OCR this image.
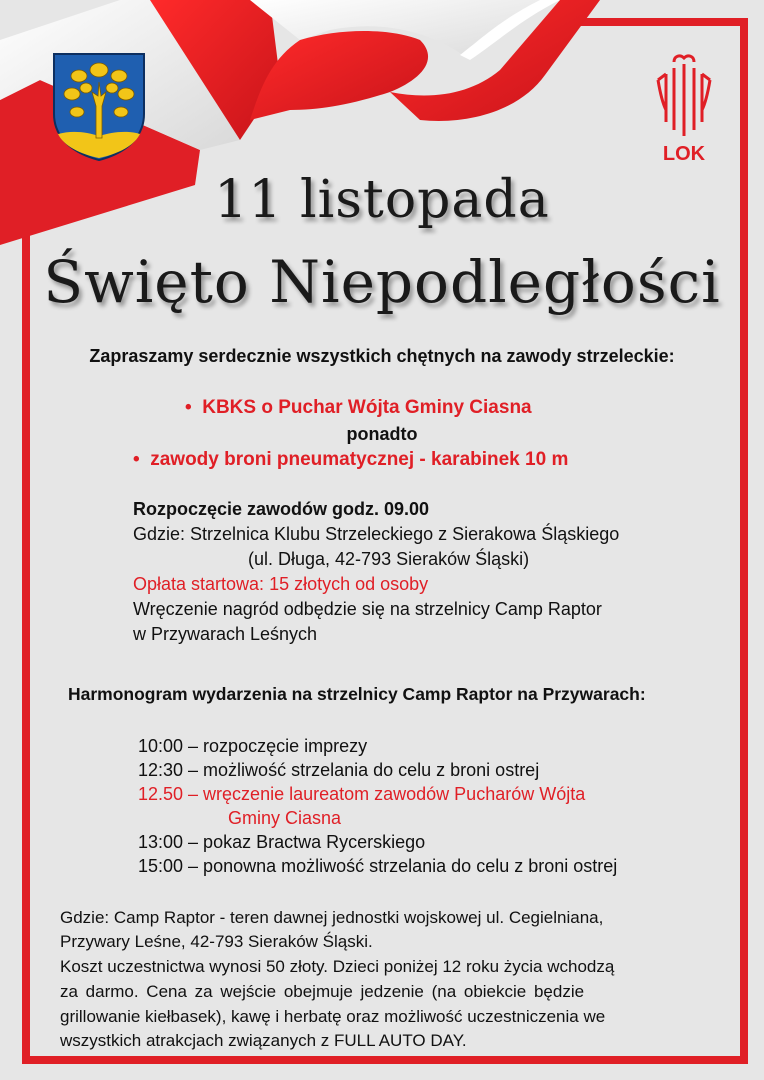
LOK
11 listopada
Święto Niepodległości
Zapraszamy serdecznie wszystkich chętnych na zawody strzeleckie:
• KBKS o Puchar Wójta Gminy Ciasna
ponadto
• zawody broni pneumatycznej - karabinek 10 m
Rozpoczęcie zawodów godz. 09.00
Gdzie: Strzelnica Klubu Strzeleckiego z Sierakowa Śląskiego
(ul. Długa, 42-793 Sieraków Śląski)
Opłata startowa: 15 złotych od osoby
Wręczenie nagród odbędzie się na strzelnicy Camp Raptor
w Przywarach Leśnych
Harmonogram wydarzenia na strzelnicy Camp Raptor na Przywarach:
10:00 – rozpoczęcie imprezy
12:30 – możliwość strzelania do celu z broni ostrej
12.50 – wręczenie laureatom zawodów Pucharów Wójta
Gminy Ciasna
13:00 – pokaz Bractwa Rycerskiego
15:00 – ponowna możliwość strzelania do celu z broni ostrej
Gdzie: Camp Raptor - teren dawnej jednostki wojskowej ul. Cegielniana,
Przywary Leśne, 42-793 Sieraków Śląski.
Koszt uczestnictwa wynosi 50 złoty. Dzieci poniżej 12 roku życia wchodzą
za darmo. Cena za wejście obejmuje jedzenie (na obiekcie będzie
grillowanie kiełbasek), kawę i herbatę oraz możliwość uczestniczenia we
wszystkich atrakcjach związanych z FULL AUTO DAY.
